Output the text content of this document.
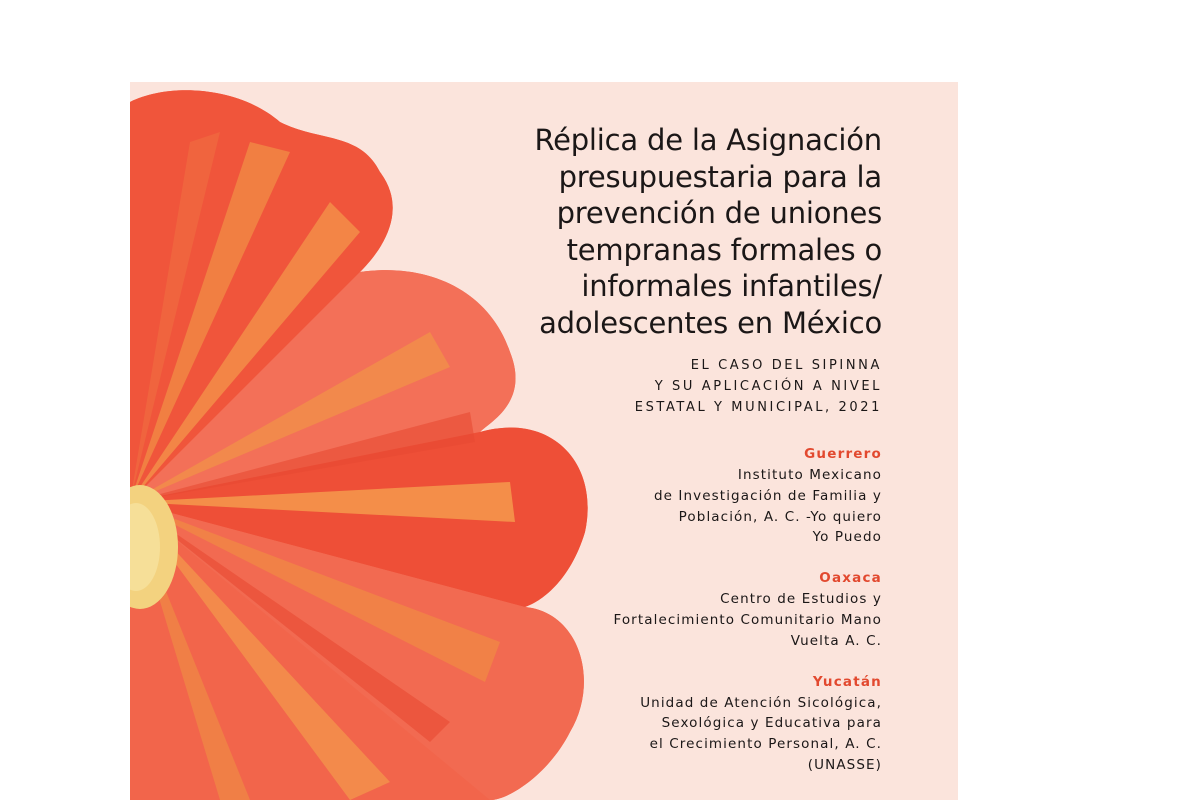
Réplica de la Asignación
presupuestaria para la
prevención de uniones
tempranas formales o
informales infantiles/
adolescentes en México
EL CASO DEL SIPINNA
Y SU APLICACIÓN A NIVEL
ESTATAL Y MUNICIPAL, 2021
Guerrero
Instituto Mexicano
de Investigación de Familia y
Población, A. C. -Yo quiero
Yo Puedo
Oaxaca
Centro de Estudios y
Fortalecimiento Comunitario Mano
Vuelta A. C.
Yucatán
Unidad de Atención Sicológica,
Sexológica y Educativa para
el Crecimiento Personal, A. C.
(UNASSE)
